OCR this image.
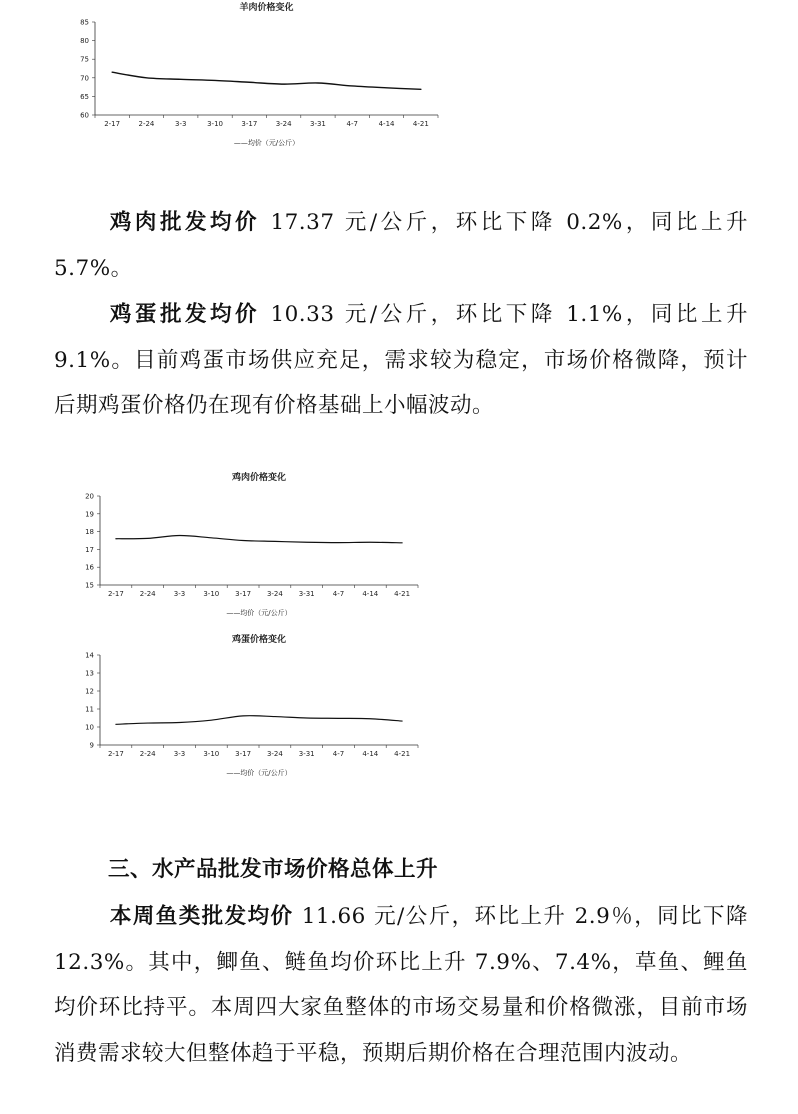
羊肉价格变化
60
65
70
75
80
85
2-17	2-24	3-3	3-10	3-17	3-24	3-31	4-7	4-14	4-21
——均价（元/公斤）

鸡肉批发均价 17.37 元/公斤，环比下降 0.2%，同比上升 5.7%。

鸡蛋批发均价 10.33 元/公斤，环比下降 1.1%，同比上升 9.1%。目前鸡蛋市场供应充足，需求较为稳定，市场价格微降，预计后期鸡蛋价格仍在现有价格基础上小幅波动。

鸡肉价格变化
15
16
17
18
19
20
2-17 2-24	3-3	3-10 3-17 3-24 3-31	4-7	4-14 4-21
——均价（元/公斤）
鸡蛋价格变化
9
10
11
12
13
14
2-17 2-24	3-3	3-10 3-17 3-24 3-31	4-7	4-14 4-21
——均价（元/公斤）
三、水产品批发市场价格总体上升

本周鱼类批发均价 11.66 元/公斤，环比上升 2.9％，同比下降 12.3%。其中，鲫鱼、鲢鱼均价环比上升 7.9%、7.4%，草鱼、鲤鱼均价环比持平。本周四大家鱼整体的市场交易量和价格微涨，目前市场消费需求较大但整体趋于平稳，预期后期价格在合理范围内波动。
